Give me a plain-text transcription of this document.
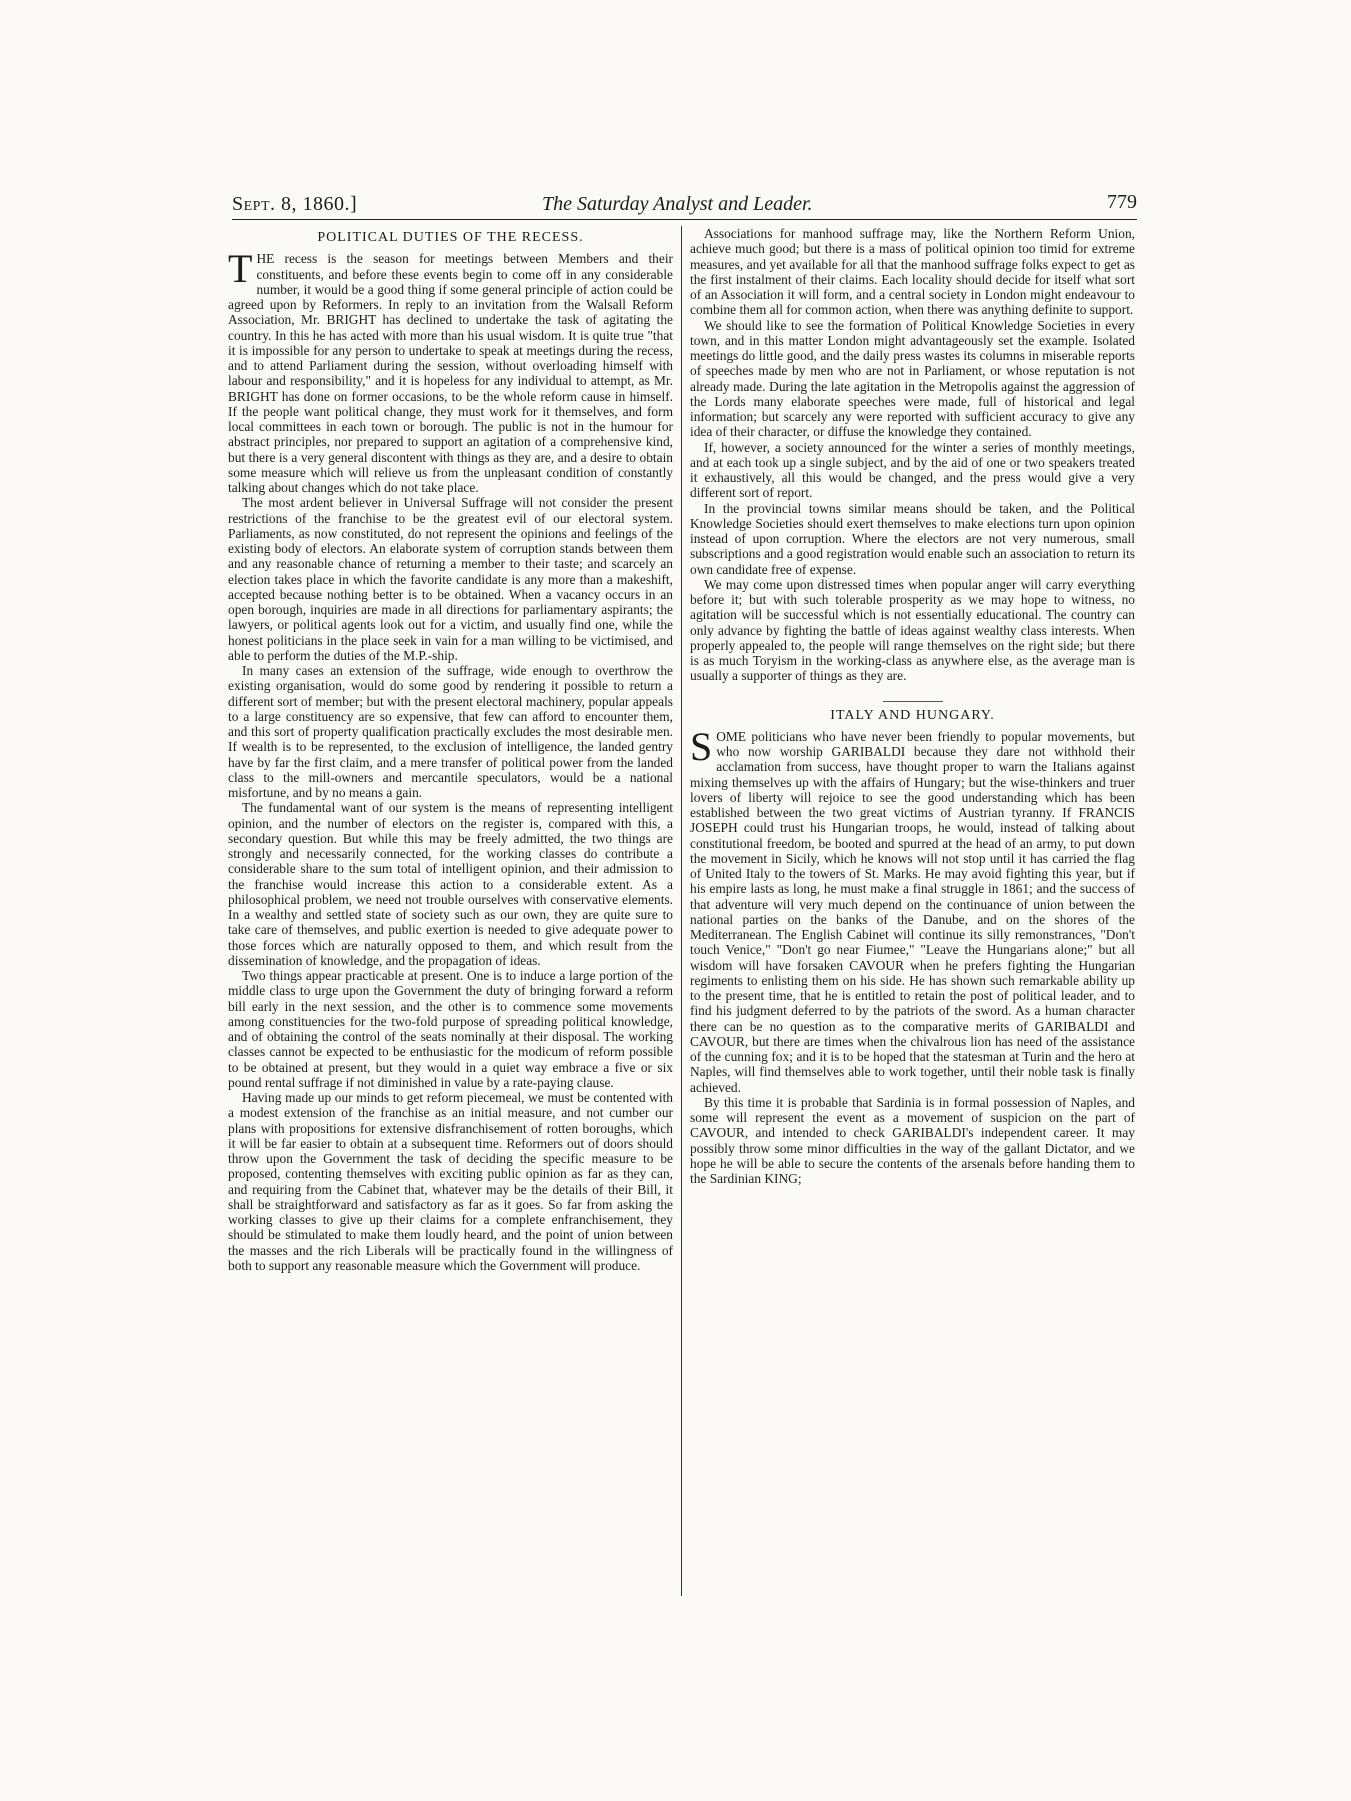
Sept. 8, 1860.]	The Saturday Analyst and Leader.	779
POLITICAL DUTIES OF THE RECESS.

THE recess is the season for meetings between Members and their constituents, and before these events begin to come off in any considerable number, it would be a good thing if some general principle of action could be agreed upon by Reformers. In reply to an invitation from the Walsall Reform Association, Mr. BRIGHT has declined to undertake the task of agitating the country. In this he has acted with more than his usual wisdom. It is quite true "that it is impossible for any person to undertake to speak at meetings during the recess, and to attend Parliament during the session, without overloading himself with labour and responsibility," and it is hopeless for any individual to attempt, as Mr. BRIGHT has done on former occasions, to be the whole reform cause in himself. If the people want political change, they must work for it themselves, and form local committees in each town or borough. The public is not in the humour for abstract principles, nor prepared to support an agitation of a comprehensive kind, but there is a very general discontent with things as they are, and a desire to obtain some measure which will relieve us from the unpleasant condition of constantly talking about changes which do not take place.

The most ardent believer in Universal Suffrage will not consider the present restrictions of the franchise to be the greatest evil of our electoral system. Parliaments, as now constituted, do not represent the opinions and feelings of the existing body of electors. An elaborate system of corruption stands between them and any reasonable chance of returning a member to their taste; and scarcely an election takes place in which the favorite candidate is any more than a makeshift, accepted because nothing better is to be obtained. When a vacancy occurs in an open borough, inquiries are made in all directions for parliamentary aspirants; the lawyers, or political agents look out for a victim, and usually find one, while the honest politicians in the place seek in vain for a man willing to be victimised, and able to perform the duties of the M.P.-ship.

In many cases an extension of the suffrage, wide enough to overthrow the existing organisation, would do some good by rendering it possible to return a different sort of member; but with the present electoral machinery, popular appeals to a large constituency are so expensive, that few can afford to encounter them, and this sort of property qualification practically excludes the most desirable men. If wealth is to be represented, to the exclusion of intelligence, the landed gentry have by far the first claim, and a mere transfer of political power from the landed class to the mill-owners and mercantile speculators, would be a national misfortune, and by no means a gain.

The fundamental want of our system is the means of representing intelligent opinion, and the number of electors on the register is, compared with this, a secondary question. But while this may be freely admitted, the two things are strongly and necessarily connected, for the working classes do contribute a considerable share to the sum total of intelligent opinion, and their admission to the franchise would increase this action to a considerable extent. As a philosophical problem, we need not trouble ourselves with conservative elements. In a wealthy and settled state of society such as our own, they are quite sure to take care of themselves, and public exertion is needed to give adequate power to those forces which are naturally opposed to them, and which result from the dissemination of knowledge, and the propagation of ideas.

Two things appear practicable at present. One is to induce a large portion of the middle class to urge upon the Government the duty of bringing forward a reform bill early in the next session, and the other is to commence some movements among constituencies for the two-fold purpose of spreading political knowledge, and of obtaining the control of the seats nominally at their disposal. The working classes cannot be expected to be enthusiastic for the modicum of reform possible to be obtained at present, but they would in a quiet way embrace a five or six pound rental suffrage if not diminished in value by a rate-paying clause.

Having made up our minds to get reform piecemeal, we must be contented with a modest extension of the franchise as an initial measure, and not cumber our plans with propositions for extensive disfranchisement of rotten boroughs, which it will be far easier to obtain at a subsequent time. Reformers out of doors should throw upon the Government the task of deciding the specific measure to be proposed, contenting themselves with exciting public opinion as far as they can, and requiring from the Cabinet that, whatever may be the details of their Bill, it shall be straightforward and satisfactory as far as it goes. So far from asking the working classes to give up their claims for a complete enfranchisement, they should be stimulated to make them loudly heard, and the point of union between the masses and the rich Liberals will be practically found in the willingness of both to support any reasonable measure which the Government will produce.

Associations for manhood suffrage may, like the Northern Reform Union, achieve much good; but there is a mass of political opinion too timid for extreme measures, and yet available for all that the manhood suffrage folks expect to get as the first instalment of their claims. Each locality should decide for itself what sort of an Association it will form, and a central society in London might endeavour to combine them all for common action, when there was anything definite to support.

We should like to see the formation of Political Knowledge Societies in every town, and in this matter London might advantageously set the example. Isolated meetings do little good, and the daily press wastes its columns in miserable reports of speeches made by men who are not in Parliament, or whose reputation is not already made. During the late agitation in the Metropolis against the aggression of the Lords many elaborate speeches were made, full of historical and legal information; but scarcely any were reported with sufficient accuracy to give any idea of their character, or diffuse the knowledge they contained.

If, however, a society announced for the winter a series of monthly meetings, and at each took up a single subject, and by the aid of one or two speakers treated it exhaustively, all this would be changed, and the press would give a very different sort of report.

In the provincial towns similar means should be taken, and the Political Knowledge Societies should exert themselves to make elections turn upon opinion instead of upon corruption. Where the electors are not very numerous, small subscriptions and a good registration would enable such an association to return its own candidate free of expense.

We may come upon distressed times when popular anger will carry everything before it; but with such tolerable prosperity as we may hope to witness, no agitation will be successful which is not essentially educational. The country can only advance by fighting the battle of ideas against wealthy class interests. When properly appealed to, the people will range themselves on the right side; but there is as much Toryism in the working-class as anywhere else, as the average man is usually a supporter of things as they are.

ITALY AND HUNGARY.

SOME politicians who have never been friendly to popular movements, but who now worship GARIBALDI because they dare not withhold their acclamation from success, have thought proper to warn the Italians against mixing themselves up with the affairs of Hungary; but the wise-thinkers and truer lovers of liberty will rejoice to see the good understanding which has been established between the two great victims of Austrian tyranny. If FRANCIS JOSEPH could trust his Hungarian troops, he would, instead of talking about constitutional freedom, be booted and spurred at the head of an army, to put down the movement in Sicily, which he knows will not stop until it has carried the flag of United Italy to the towers of St. Marks. He may avoid fighting this year, but if his empire lasts as long, he must make a final struggle in 1861; and the success of that adventure will very much depend on the continuance of union between the national parties on the banks of the Danube, and on the shores of the Mediterranean. The English Cabinet will continue its silly remonstrances, "Don't touch Venice," "Don't go near Fiumee," "Leave the Hungarians alone;" but all wisdom will have forsaken CAVOUR when he prefers fighting the Hungarian regiments to enlisting them on his side. He has shown such remarkable ability up to the present time, that he is entitled to retain the post of political leader, and to find his judgment deferred to by the patriots of the sword. As a human character there can be no question as to the comparative merits of GARIBALDI and CAVOUR, but there are times when the chivalrous lion has need of the assistance of the cunning fox; and it is to be hoped that the statesman at Turin and the hero at Naples, will find themselves able to work together, until their noble task is finally achieved.

By this time it is probable that Sardinia is in formal possession of Naples, and some will represent the event as a movement of suspicion on the part of CAVOUR, and intended to check GARIBALDI's independent career. It may possibly throw some minor difficulties in the way of the gallant Dictator, and we hope he will be able to secure the contents of the arsenals before handing them to the Sardinian KING;
